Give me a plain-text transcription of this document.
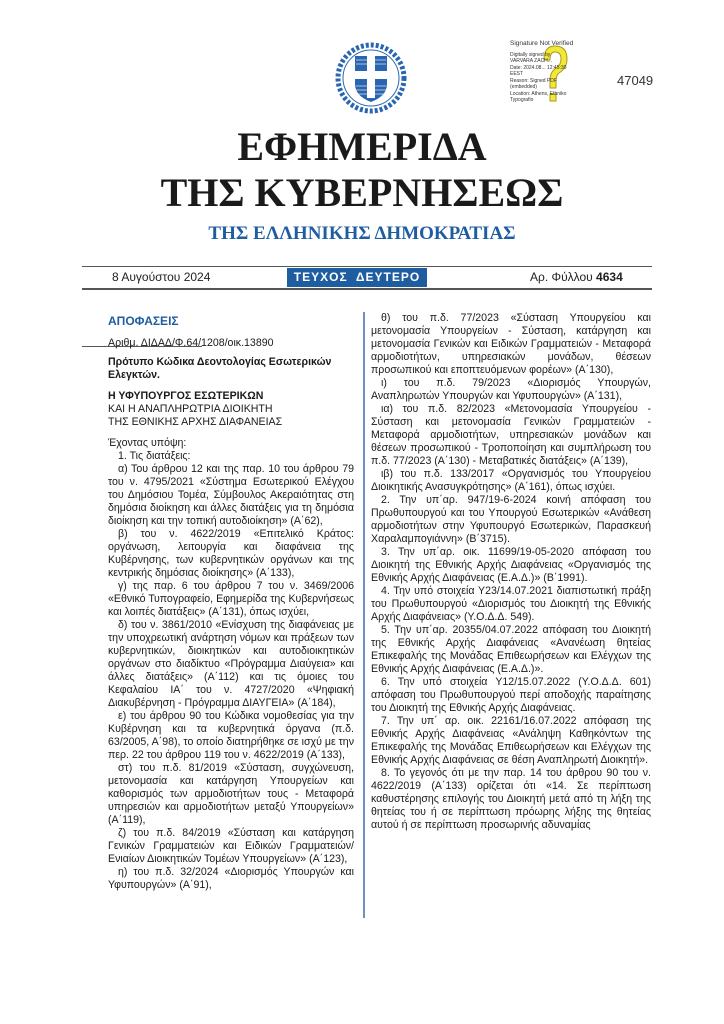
Signature Not Verified
Digitally signed by
VARVARA ZACH...
Date: 2024.08... 12:45:30
EEST
Reason: Signed PDF
(embedded)
Location: Athens, Ethniko
Typografio
47049
ΕΦΗΜΕΡΙΔΑ
ΤΗΣ ΚΥΒΕΡΝΗΣΕΩΣ
ΤΗΣ ΕΛΛΗΝΙΚΗΣ ΔΗΜΟΚΡΑΤΙΑΣ
8 Αυγούστου 2024	ΤΕΥΧΟΣ  ΔΕΥΤΕΡΟ	Αρ. Φύλλου 4634
ΑΠΟΦΑΣΕΙΣ
Αριθμ. ΔΙΔΑΔ/Φ.64/1208/οικ.13890
Πρότυπο Κώδικα Δεοντολογίας Εσωτερικών Ελεγκτών.
Η ΥΦΥΠΟΥΡΓΟΣ ΕΣΩΤΕΡΙΚΩΝ
ΚΑΙ Η ΑΝΑΠΛΗΡΩΤΡΙΑ ΔΙΟΙΚΗΤΗ
ΤΗΣ ΕΘΝΙΚΗΣ ΑΡΧΗΣ ΔΙΑΦΑΝΕΙΑΣ

Έχοντας υπόψη:

1. Τις διατάξεις:

α) Του άρθρου 12 και της παρ. 10 του άρθρου 79 του ν. 4795/2021 «Σύστημα Εσωτερικού Ελέγχου του Δημόσιου Τομέα, Σύμβουλος Ακεραιότητας στη δημόσια διοίκηση και άλλες διατάξεις για τη δημόσια διοίκηση και την τοπική αυτοδιοίκηση» (Α΄62),

β) του ν. 4622/2019 «Επιτελικό Κράτος: οργάνωση, λειτουργία και διαφάνεια της Κυβέρνησης, των κυβερνητικών οργάνων και της κεντρικής δημόσιας διοίκησης» (Α΄133),

γ) της παρ. 6 του άρθρου 7 του ν. 3469/2006 «Εθνικό Τυπογραφείο, Εφημερίδα της Κυβερνήσεως και λοιπές διατάξεις» (Α΄131), όπως ισχύει,

δ) του ν. 3861/2010 «Ενίσχυση της διαφάνειας με την υποχρεωτική ανάρτηση νόμων και πράξεων των κυβερνητικών, διοικητικών και αυτοδιοικητικών οργάνων στο διαδίκτυο «Πρόγραμμα Διαύγεια» και άλλες διατάξεις» (Α΄112) και τις όμοιες του Κεφαλαίου ΙΑ΄ του ν. 4727/2020 «Ψηφιακή Διακυβέρνηση - Πρόγραμμα ΔΙΑΥΓΕΙΑ» (Α΄184),

ε) του άρθρου 90 του Κώδικα νομοθεσίας για την Κυβέρνηση και τα κυβερνητικά όργανα (π.δ. 63/2005, Α΄98), το οποίο διατηρήθηκε σε ισχύ με την περ. 22 του άρθρου 119 του ν. 4622/2019 (Α΄133),

στ) του π.δ. 81/2019 «Σύσταση, συγχώνευση, μετονομασία και κατάργηση Υπουργείων και καθορισμός των αρμοδιοτήτων τους - Μεταφορά υπηρεσιών και αρμοδιοτήτων μεταξύ Υπουργείων» (Α΄119),

ζ) του π.δ. 84/2019 «Σύσταση και κατάργηση Γενικών Γραμματειών και Ειδικών Γραμματειών/Ενιαίων Διοικητικών Τομέων Υπουργείων» (Α΄123),

η) του π.δ. 32/2024 «Διορισμός Υπουργών και Υφυπουργών» (Α΄91),

θ) του π.δ. 77/2023 «Σύσταση Υπουργείου και μετονομασία Υπουργείων - Σύσταση, κατάργηση και μετονομασία Γενικών και Ειδικών Γραμματειών - Μεταφορά αρμοδιοτήτων, υπηρεσιακών μονάδων, θέσεων προσωπικού και εποπτευόμενων φορέων» (Α΄130),

ι) του π.δ. 79/2023 «Διορισμός Υπουργών, Αναπληρωτών Υπουργών και Υφυπουργών» (Α΄131),

ια) του π.δ. 82/2023 «Μετονομασία Υπουργείου - Σύσταση και μετονομασία Γενικών Γραμματειών - Μεταφορά αρμοδιοτήτων, υπηρεσιακών μονάδων και θέσεων προσωπικού - Τροποποίηση και συμπλήρωση του π.δ. 77/2023 (Α΄130) - Μεταβατικές διατάξεις» (Α΄139),

ιβ) του π.δ. 133/2017 «Οργανισμός του Υπουργείου Διοικητικής Ανασυγκρότησης» (Α΄161), όπως ισχύει.

2. Την υπ΄αρ. 947/19-6-2024 κοινή απόφαση του Πρωθυπουργού και του Υπουργού Εσωτερικών «Ανάθεση αρμοδιοτήτων στην Υφυπουργό Εσωτερικών, Παρασκευή Χαραλαμπογιάννη» (Β΄3715).

3. Την υπ΄αρ. οικ. 11699/19-05-2020 απόφαση του Διοικητή της Εθνικής Αρχής Διαφάνειας «Οργανισμός της Εθνικής Αρχής Διαφάνειας (Ε.Α.Δ.)» (Β΄1991).

4. Την υπό στοιχεία Υ23/14.07.2021 διαπιστωτική πράξη του Πρωθυπουργού «Διορισμός του Διοικητή της Εθνικής Αρχής Διαφάνειας» (Υ.Ο.Δ.Δ. 549).

5. Την υπ΄αρ. 20355/04.07.2022 απόφαση του Διοικητή της Εθνικής Αρχής Διαφάνειας «Ανανέωση θητείας Επικεφαλής της Μονάδας Επιθεωρήσεων και Ελέγχων της Εθνικής Αρχής Διαφάνειας (Ε.Α.Δ.)».

6. Την υπό στοιχεία Υ12/15.07.2022 (Υ.Ο.Δ.Δ. 601) απόφαση του Πρωθυπουργού περί αποδοχής παραίτησης του Διοικητή της Εθνικής Αρχής Διαφάνειας.

7. Την υπ΄ αρ. οικ. 22161/16.07.2022 απόφαση της Εθνικής Αρχής Διαφάνειας «Ανάληψη Καθηκόντων της Επικεφαλής της Μονάδας Επιθεωρήσεων και Ελέγχων της Εθνικής Αρχής Διαφάνειας σε θέση Αναπληρωτή Διοικητή».

8. Το γεγονός ότι με την παρ. 14 του άρθρου 90 του ν. 4622/2019 (Α΄133) ορίζεται ότι «14. Σε περίπτωση καθυστέρησης επιλογής του Διοικητή μετά από τη λήξη της θητείας του ή σε περίπτωση πρόωρης λήξης της θητείας αυτού ή σε περίπτωση προσωρινής αδυναμίας
